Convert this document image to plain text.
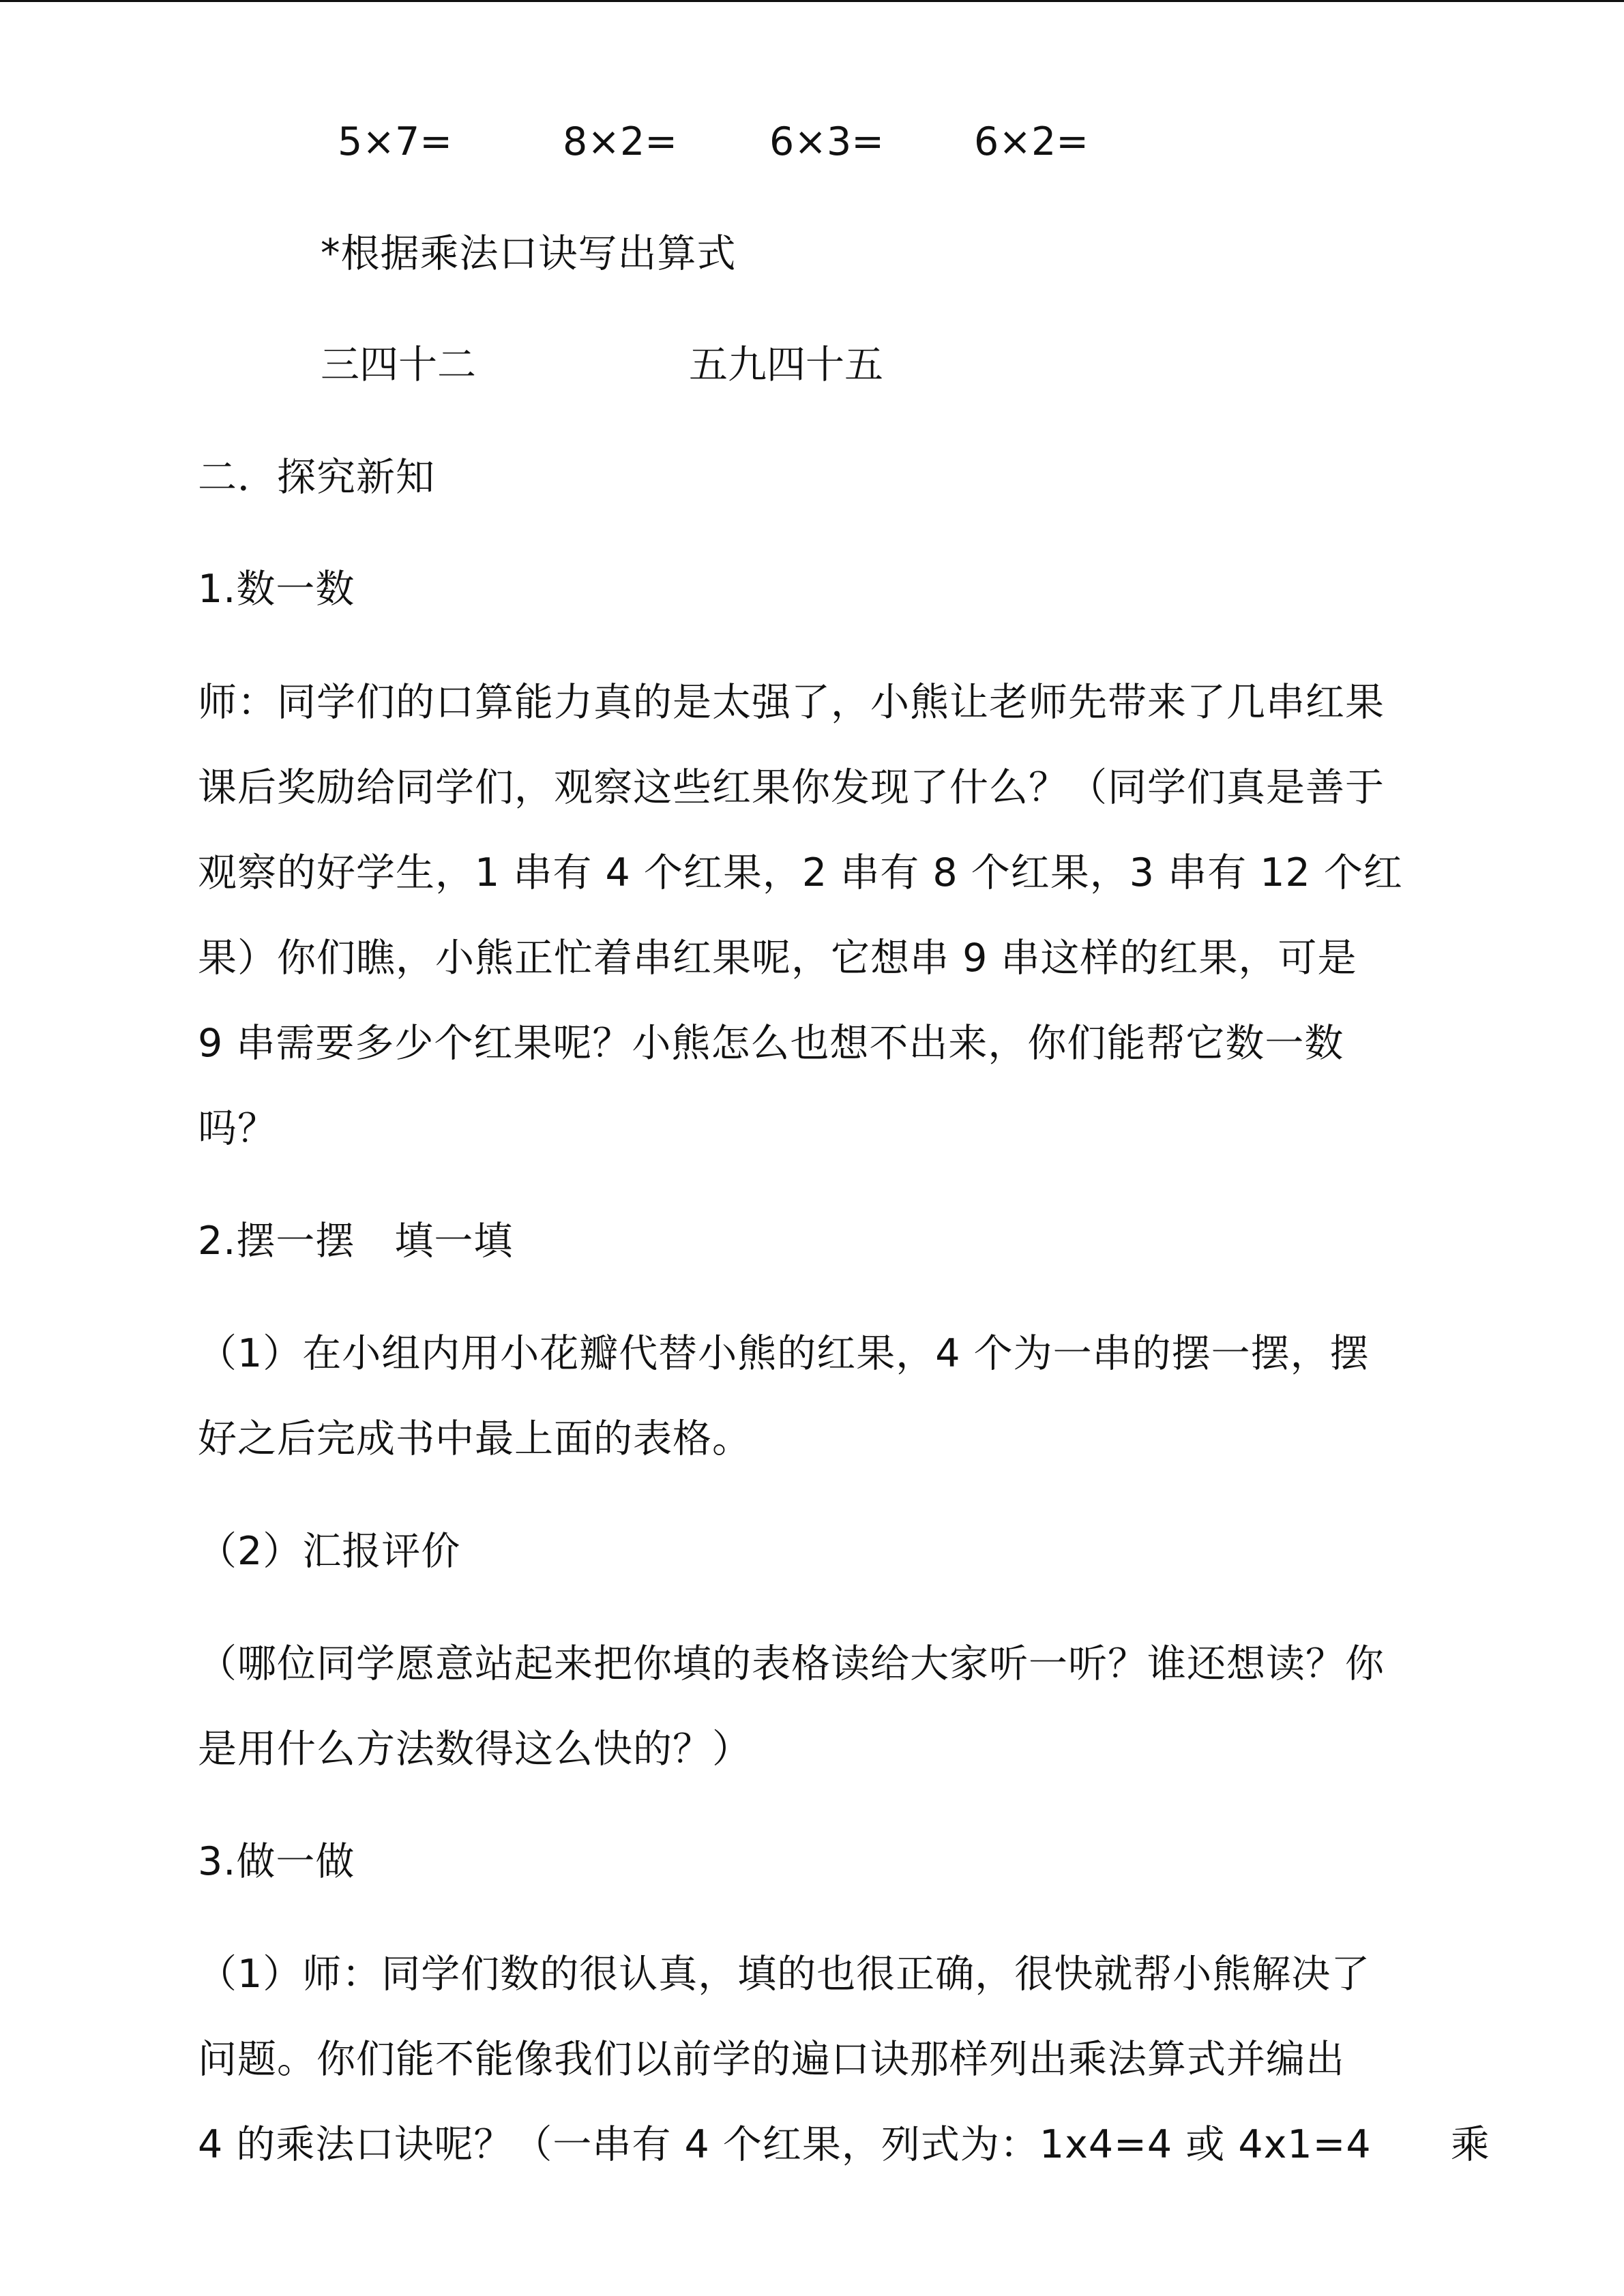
5×7=	8×2= 6×3= 6×2=
*根据乘法口诀写出算式
三四十二	五九四十五
二．探究新知
1.数一数
师：同学们的口算能力真的是太强了，小熊让老师先带来了几串红果
课后奖励给同学们，观察这些红果你发现了什么？（同学们真是善于
观察的好学生，1 串有 4 个红果，2 串有 8 个红果，3 串有 12 个红
果）你们瞧，小熊正忙着串红果呢，它想串 9 串这样的红果，可是
9 串需要多少个红果呢？小熊怎么也想不出来，你们能帮它数一数
吗？
2.摆一摆　填一填
（1）在小组内用小花瓣代替小熊的红果，4 个为一串的摆一摆，摆
好之后完成书中最上面的表格。
（2）汇报评价
（哪位同学愿意站起来把你填的表格读给大家听一听？谁还想读？你
是用什么方法数得这么快的？）
3.做一做
（1）师：同学们数的很认真，填的也很正确，很快就帮小熊解决了
问题。你们能不能像我们以前学的遍口诀那样列出乘法算式并编出
4 的乘法口诀呢？（一串有 4 个红果，列式为：1x4=4 或 4x1=4　　乘
